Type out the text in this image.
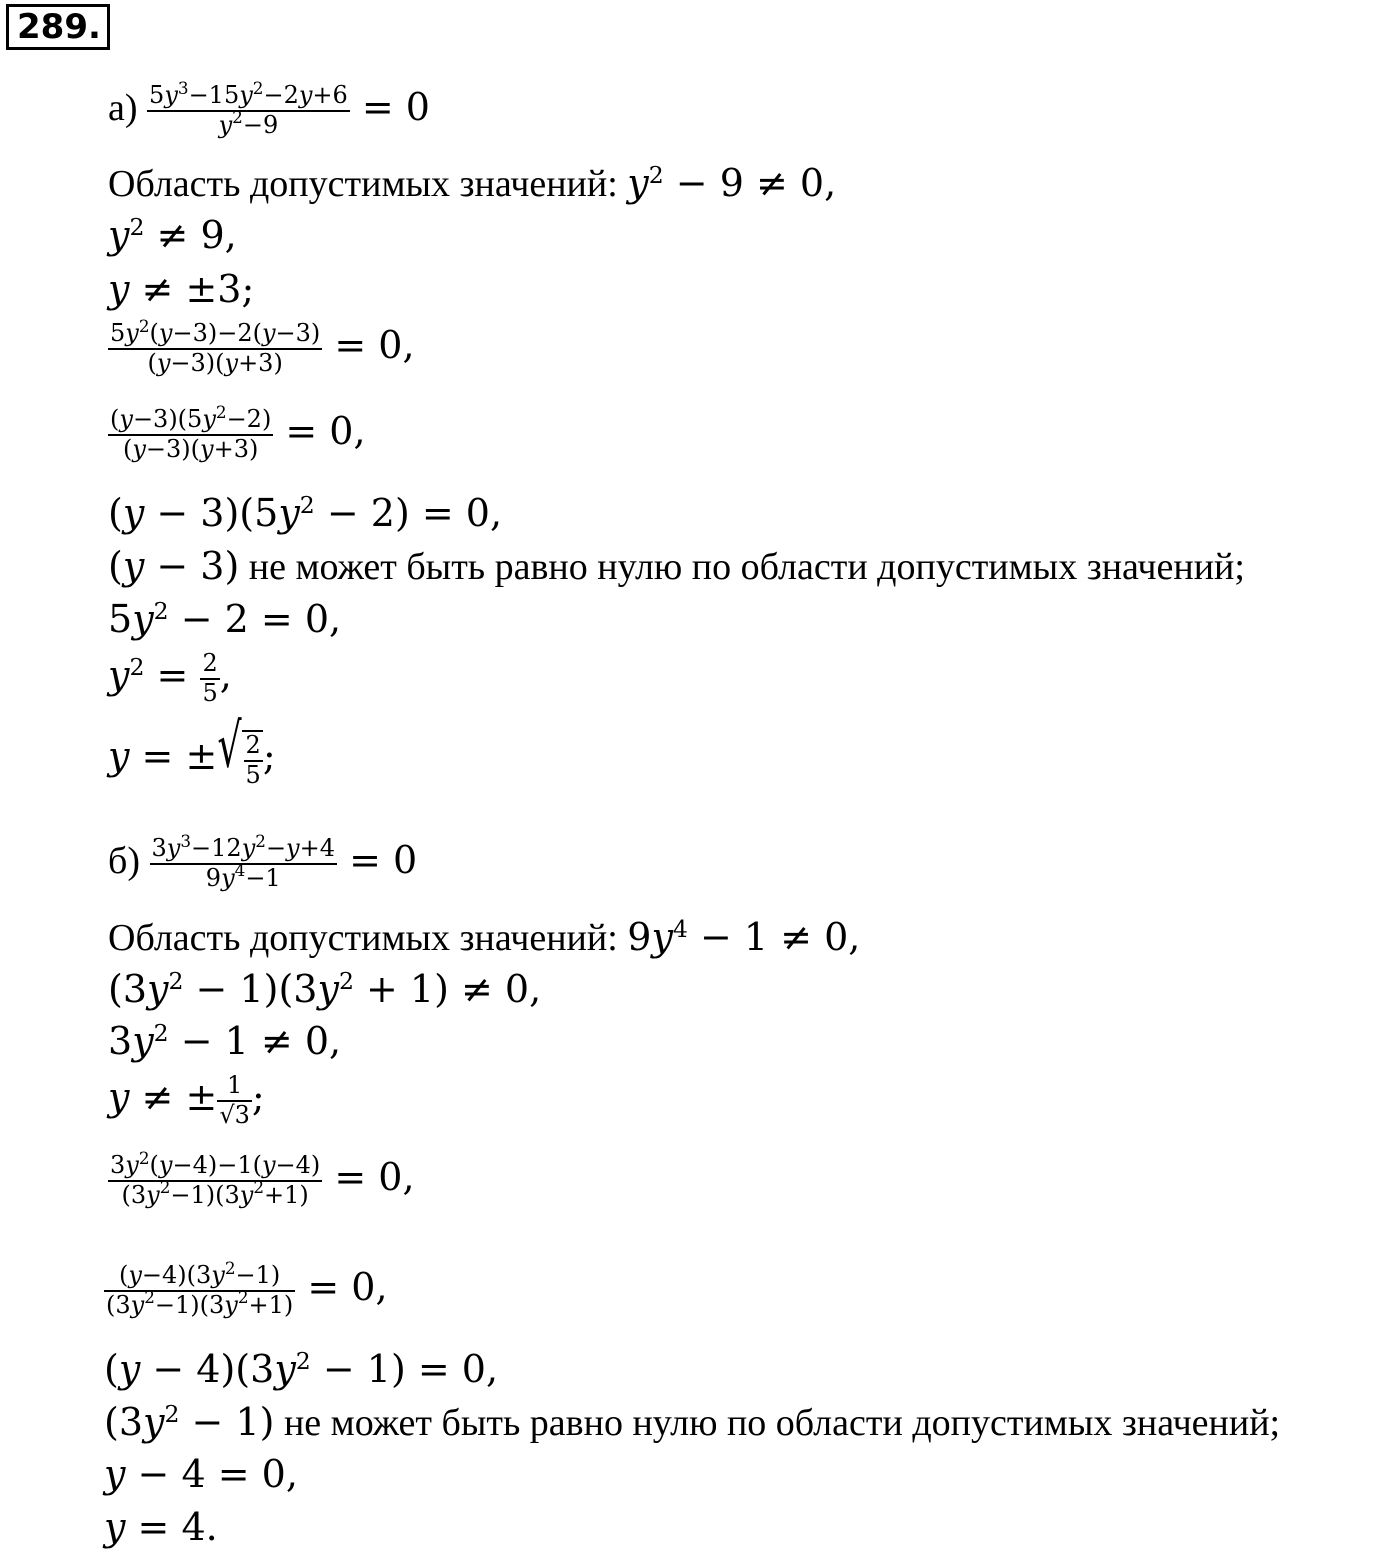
289.
$а) \frac{5y^3-15y^2-2y+6}{y^2-9} = 0$
Область допустимых значений: $y^2 - 9 \ne 0$,
$y^2 \ne 9$,
y ≠ ±3;
$\frac{5y^2(y-3)-2(y-3)}{(y-3)(y+3)} = 0$,
$\frac{(y-3)(5y^2-2)}{(y-3)(y+3)} = 0$,
$(y - 3)(5y^2 - 2) = 0$,
(y − 3) не может быть равно нулю по области допустимых значений;
$5y^2 - 2 = 0$,
$y^2 = \frac{2}{5}$ ,
y = ±√ $\frac{2}{5}$ ;
$б) \frac{3y^3-12y^2-y+4}{9y^4-1} = 0$
Область допустимых значений: $9y^4 - 1 \ne 0$,
$(3y^2 - 1)(3y^2 + 1) \ne 0$,
$3y^2 - 1 \ne 0$,
y ≠ ± $\frac{1}{√3}$ ;
$\frac{3y^2(y-4)-1(y-4)}{(3y^2-1)(3y^2+1)} = 0$,
$\frac{(y-4)(3y^2-1)}{(3y^2-1)(3y^2+1)} = 0$,
$(y - 4)(3y^2 - 1) = 0$,
$(3y^2 - 1)$ не может быть равно нулю по области допустимых значений;
y − 4 = 0,
y = 4.
